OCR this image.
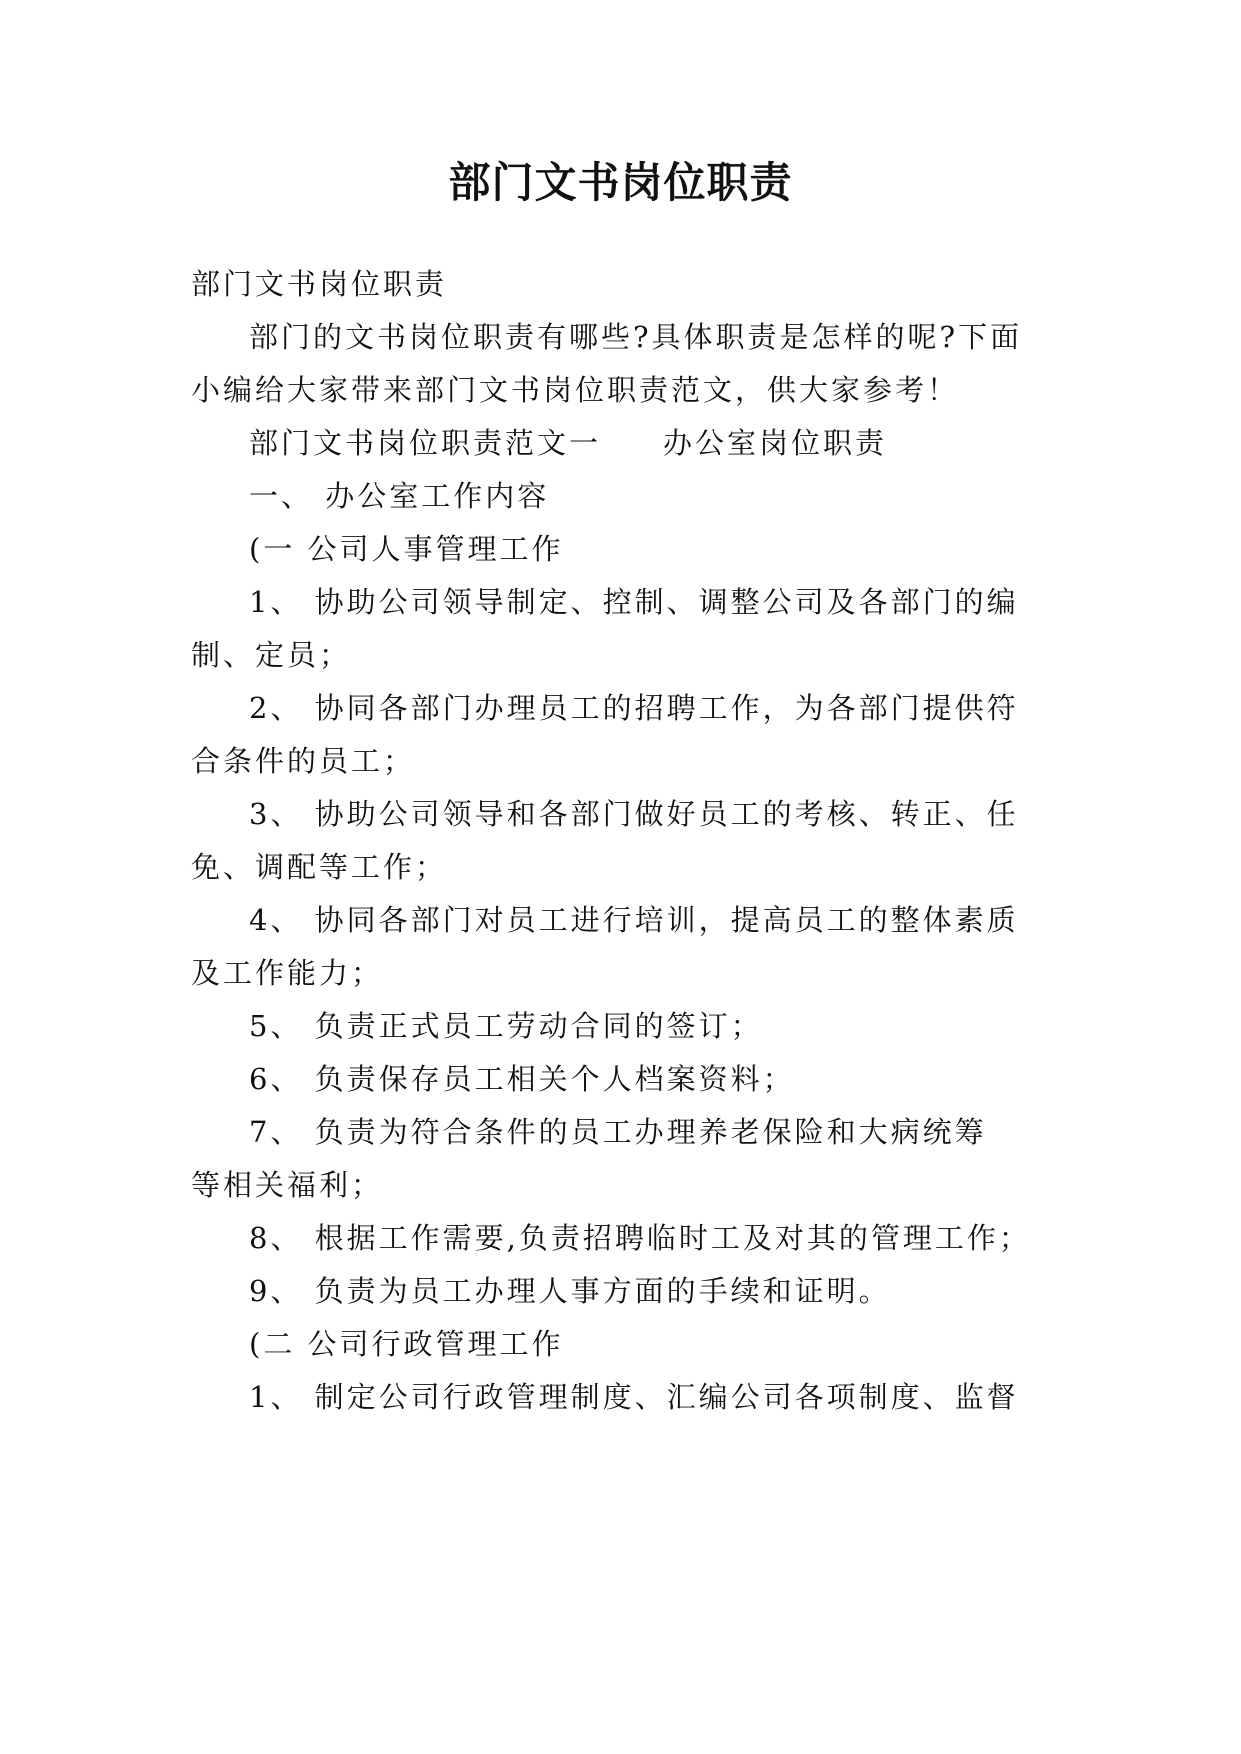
部门文书岗位职责
部门文书岗位职责
部门的文书岗位职责有哪些?具体职责是怎样的呢?下面
小编给大家带来部门文书岗位职责范文，供大家参考！
部门文书岗位职责范文一 办公室岗位职责
一、 办公室工作内容
(一 公司人事管理工作
1、 协助公司领导制定、控制、调整公司及各部门的编
制、定员；
2、 协同各部门办理员工的招聘工作，为各部门提供符
合条件的员工；
3、 协助公司领导和各部门做好员工的考核、转正、任
免、调配等工作；
4、 协同各部门对员工进行培训，提高员工的整体素质
及工作能力；
5、 负责正式员工劳动合同的签订；
6、 负责保存员工相关个人档案资料；
7、 负责为符合条件的员工办理养老保险和大病统筹
等相关福利；
8、 根据工作需要,负责招聘临时工及对其的管理工作；
9、 负责为员工办理人事方面的手续和证明。
(二 公司行政管理工作
1、 制定公司行政管理制度、汇编公司各项制度、监督
